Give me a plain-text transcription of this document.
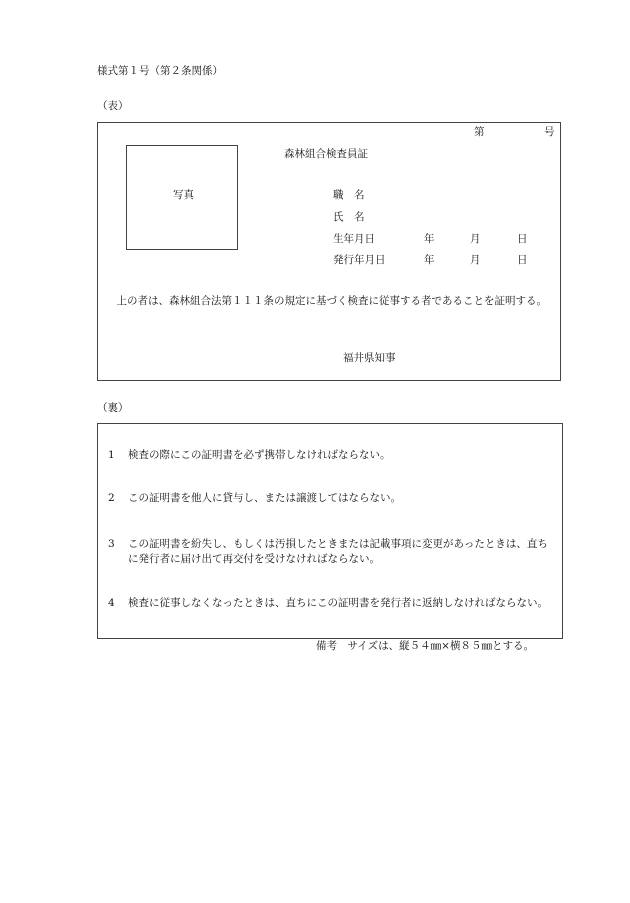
様式第１号（第２条関係）
（表）
第	号
森林組合検査員証
写真	職　名
氏　名
生年月日	年	月	日
発行年月日	年	月	日
上の者は、森林組合法第１１１条の規定に基づく検査に従事する者であることを証明する。
福井県知事
（裏）
1 検査の際にこの証明書を必ず携帯しなければならない。
2 この証明書を他人に貸与し、または譲渡してはならない。
3 この証明書を紛失し、もしくは汚損したときまたは記載事項に変更があったときは、直ちに発行者に届け出て再交付を受けなければならない。
4 検査に従事しなくなったときは、直ちにこの証明書を発行者に返納しなければならない。
備考　サイズは、縦５４㎜×横８５㎜とする。
